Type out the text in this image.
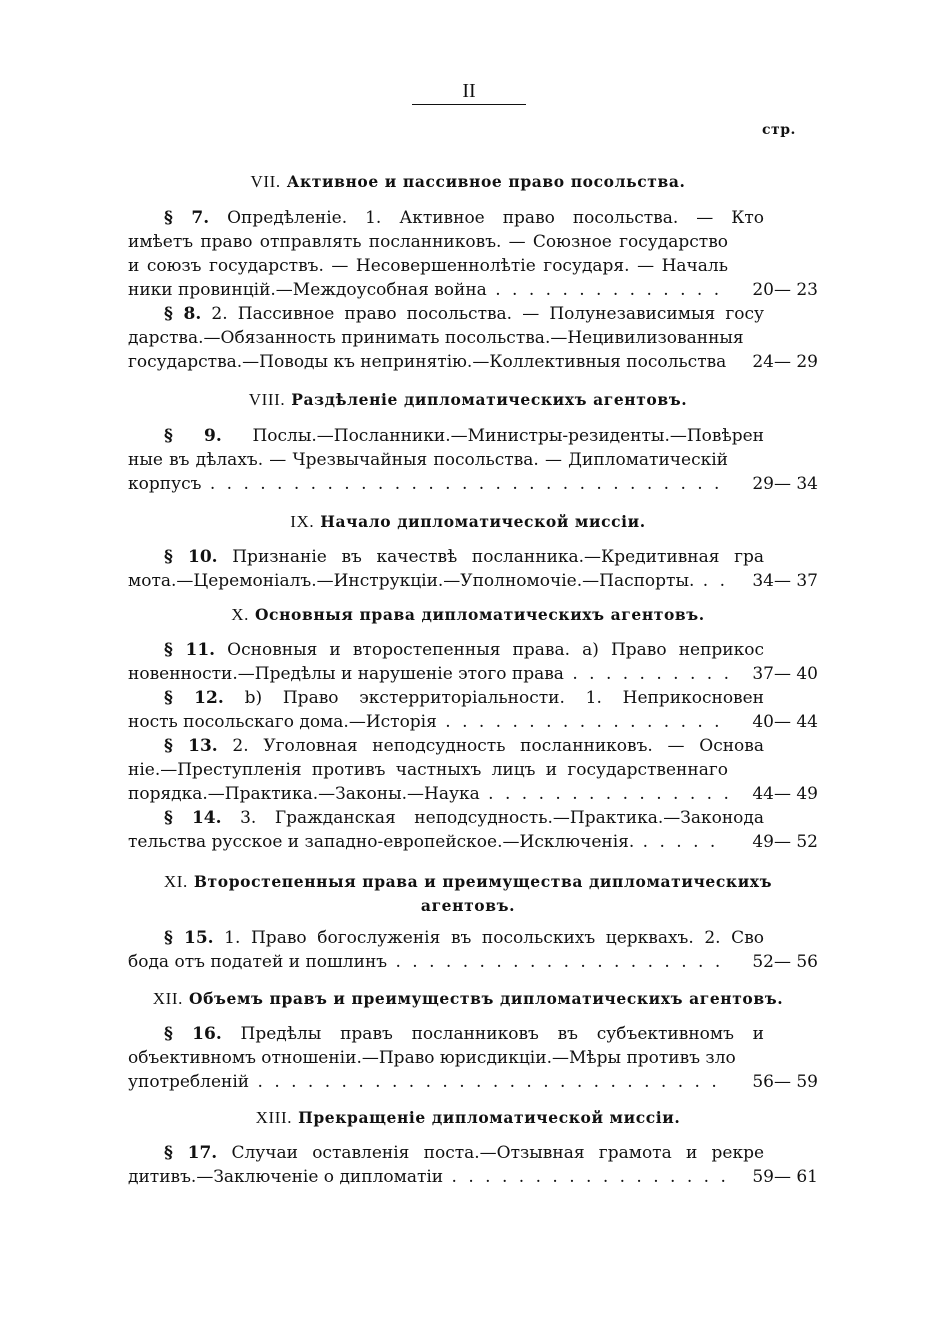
II
стр.
VII. Активное и пассивное право посольства.
§ 7. Опредѣленіе. 1. Активное право посольства. — Кто
имѣетъ право отправлять посланниковъ. — Союзное государство
и союзъ государствъ. — Несовершеннолѣтіе государя. — Началь
ники провинцій.—Междоусобная война . . .	20— 23
§ 8. 2. Пассивное право посольства. — Полунезависимыя госу
дарства.—Обязанность принимать посольства.—Нецивилизованныя
государства.—Поводы къ непринятію.—Коллективныя посольства . . .	24— 29
VIII. Раздѣленіе дипломатическихъ агентовъ.
§ 9. Послы.—Посланники.—Министры-резиденты.—Повѣрен
ные въ дѣлахъ. — Чрезвычайныя посольства. — Дипломатическій
корпусъ . . .	29— 34
IX. Начало дипломатической миссіи.
§ 10. Признаніе въ качествѣ посланника.—Кредитивная гра
мота.—Церемоніалъ.—Инструкціи.—Уполномочіе.—Паспорты. . . .	34— 37
X. Основныя права дипломатическихъ агентовъ.
§ 11. Основныя и второстепенныя права. a) Право неприкос
новенности.—Предѣлы и нарушеніе этого права . . .	37— 40
§ 12. b) Право экстерриторіальности. 1. Неприкосновен
ность посольскаго дома.—Исторія . . .	40— 44
§ 13. 2. Уголовная неподсудность посланниковъ. — Основа
ніе.—Преступленія противъ частныхъ лицъ и государственнаго
порядка.—Практика.—Законы.—Наука . . .	44— 49
§ 14. 3. Гражданская неподсудность.—Практика.—Законода
тельства русское и западно-европейское.—Исключенія. . . .	49— 52
XI. Второстепенныя права и преимущества дипломатическихъ
агентовъ.
§ 15. 1. Право богослуженія въ посольскихъ церквахъ. 2. Сво
бода отъ податей и пошлинъ . . .	52— 56
XII. Объемъ правъ и преимуществъ дипломатическихъ агентовъ.
§ 16. Предѣлы правъ посланниковъ въ субъективномъ и
объективномъ отношеніи.—Право юрисдикціи.—Мѣры противъ зло
употребленій . . .	56— 59
XIII. Прекращеніе дипломатической миссіи.
§ 17. Случаи оставленія поста.—Отзывная грамота и рекре
дитивъ.—Заключеніе о дипломатіи . . .	59— 61
